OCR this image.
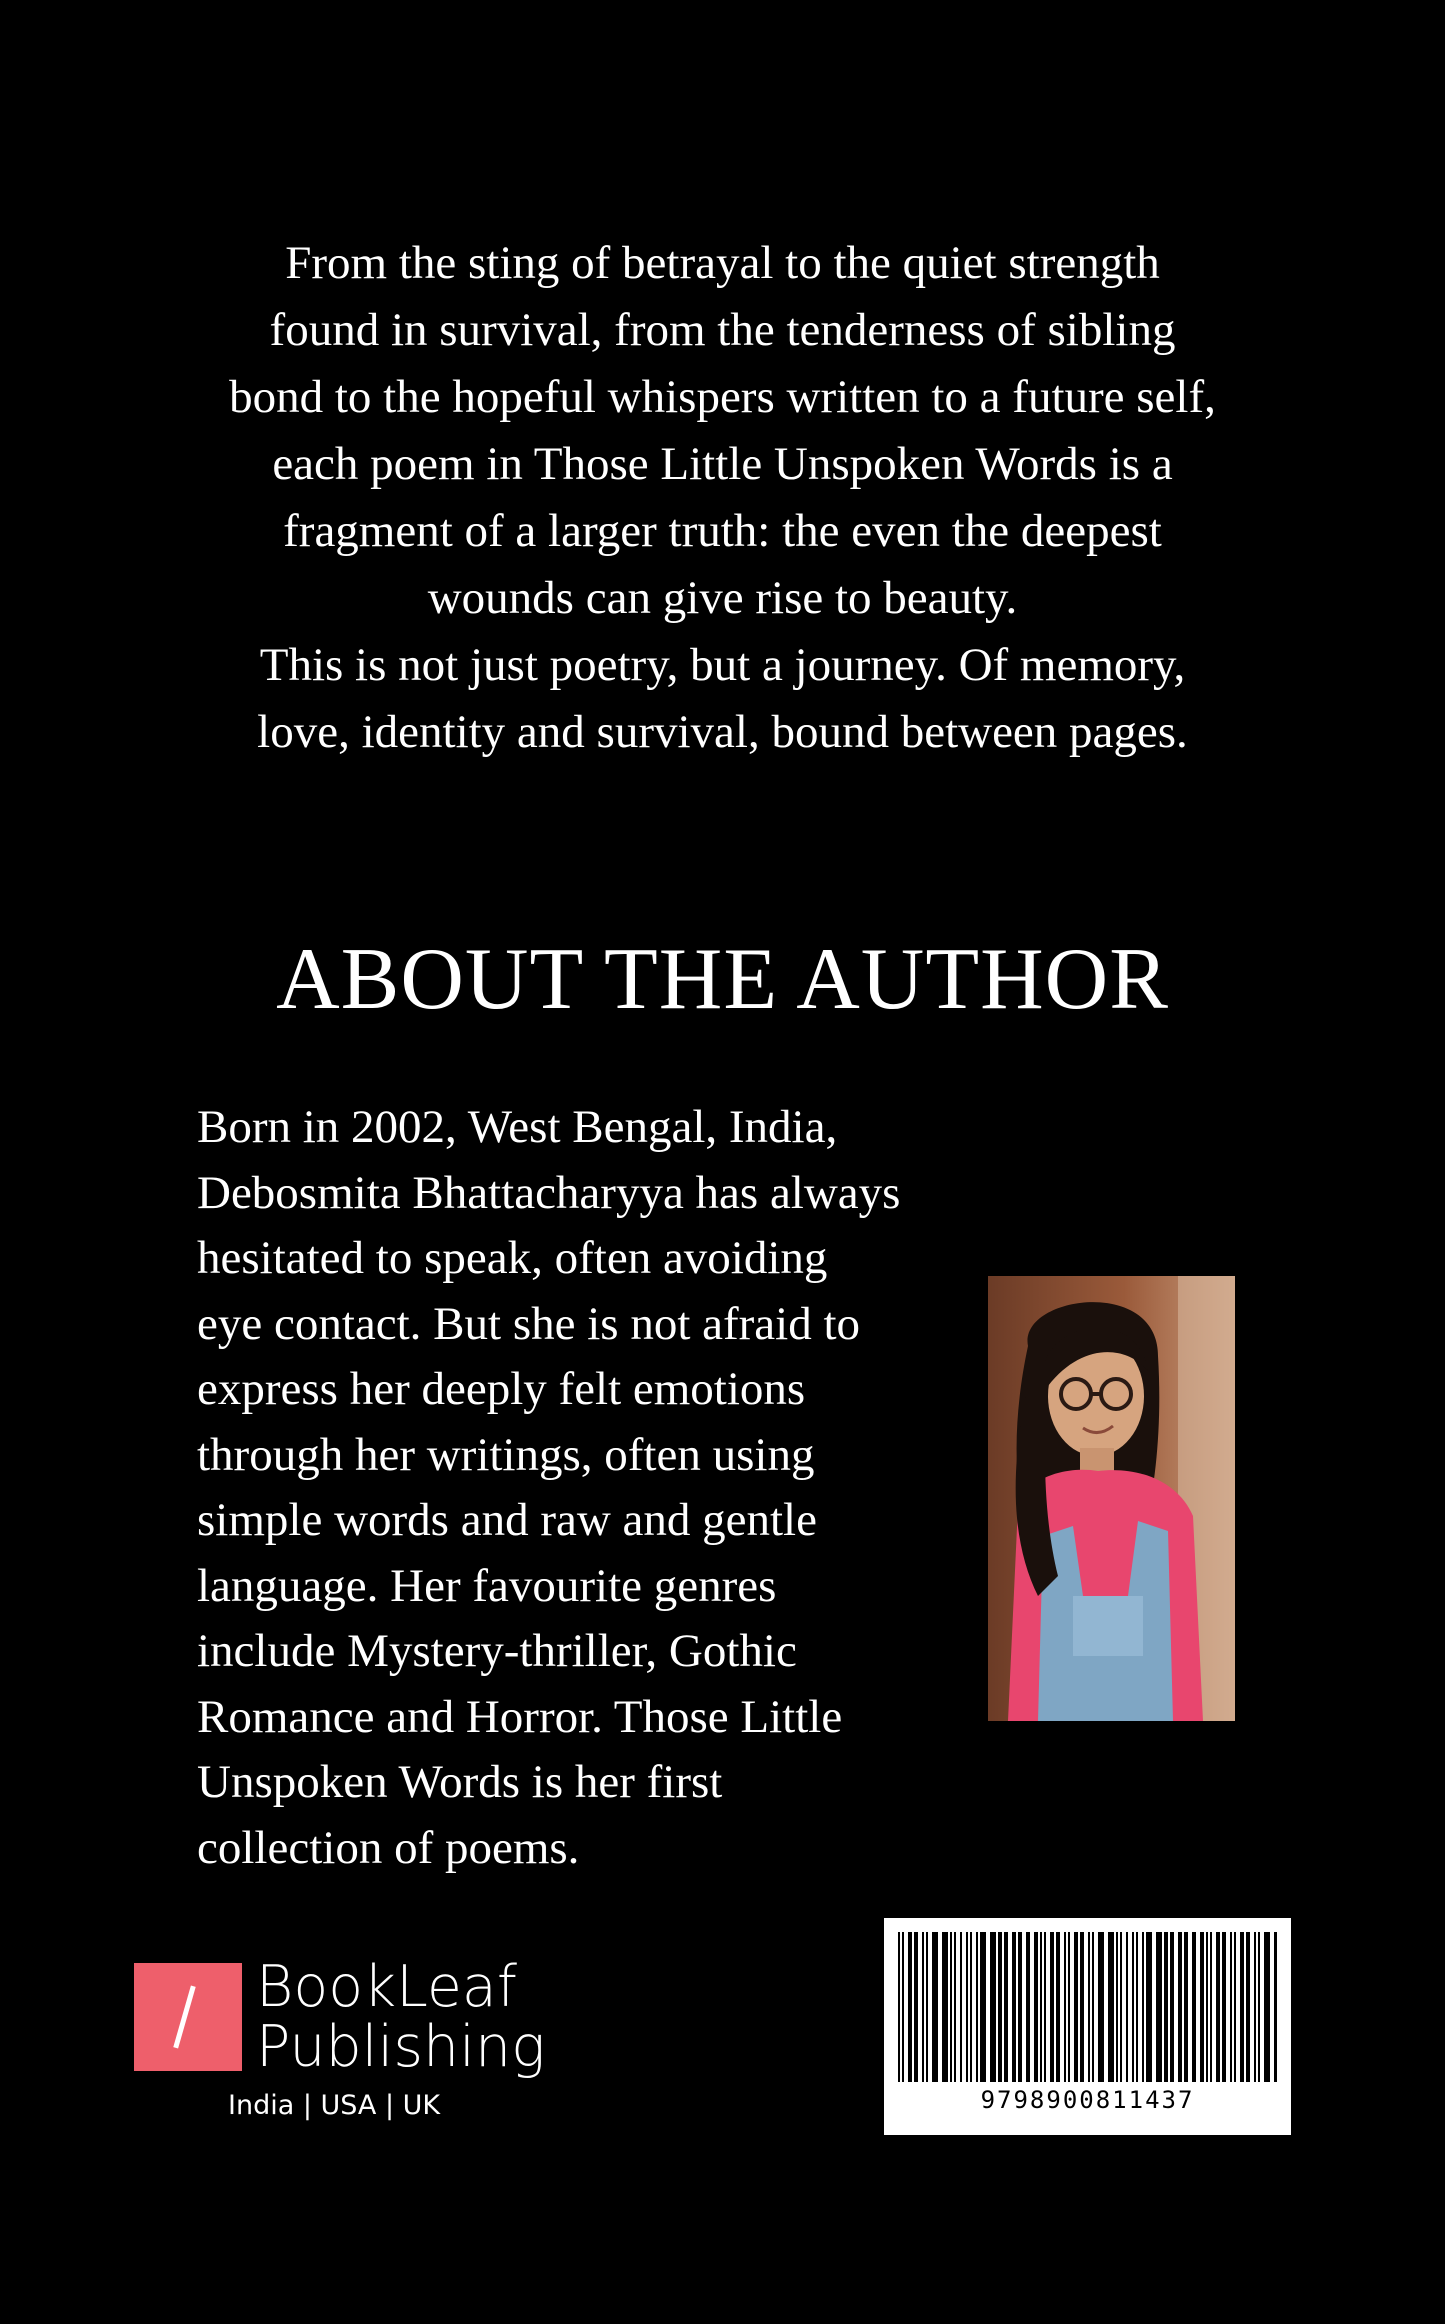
From the sting of betrayal to the quiet strength

found in survival, from the tenderness of sibling

bond to the hopeful whispers written to a future self,

each poem in Those Little Unspoken Words is a

fragment of a larger truth: the even the deepest

wounds can give rise to beauty.

This is not just poetry, but a journey. Of memory,

love, identity and survival, bound between pages.

ABOUT THE AUTHOR
Born in 2002, West Bengal, India,
Debosmita Bhattacharyya has always
hesitated to speak, often avoiding
eye contact. But she is not afraid to
express her deeply felt emotions
through her writings, often using
simple words and raw and gentle
language. Her favourite genres
include Mystery-thriller, Gothic
Romance and Horror. Those Little
Unspoken Words is her first
collection of poems.
BookLeaf
Publishing
India | USA | UK	9798900811437
